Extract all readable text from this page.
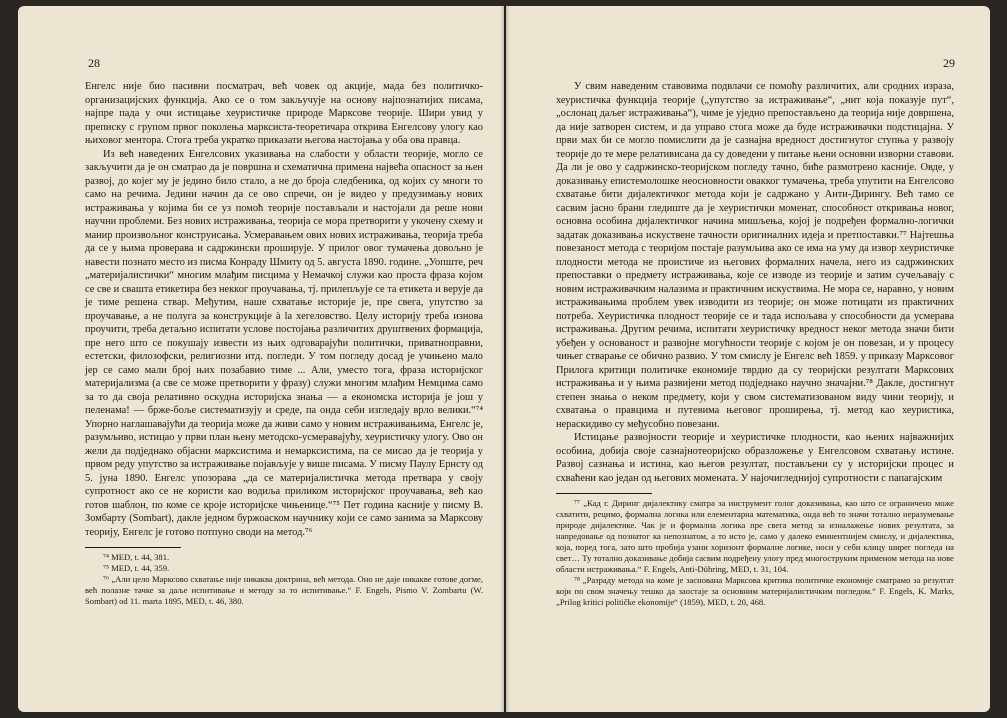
28

Енгелс није био пасивни посматрач, већ човек од акције, мада без политичко-организацијских функција. Ако се о том закључује на основу најпознатијих писама, најпре пада у очи истицање хеуристичке природе Марксове теорије. Шири увид у преписку с групом првог поколења марксиста-теоретичара открива Енгелсову улогу као њиховог ментора. Стога треба укратко приказати његова настојања у оба ова правца.

Из већ наведених Енгелсових указивања на слабости у области теорије, могло се закључити да је он сматрао да је површна и схематична примена највећа опасност за њен развој, до којег му је једино било стало, а не до броја следбеника, од којих су многи то само на речима. Једини начин да се ово спречи, он је видео у предузимању нових истраживања у којима би се уз помоћ теорије постављали и настојали да реше нови научни проблеми. Без нових истраживања, теорија се мора претворити у укочену схему и манир произвољног конструисања. Усмеравањем ових нових истраживања, теорија треба да се у њима проверава и садржински проширује. У прилог овог тумачења довољно је навести познато место из писма Конраду Шмиту од 5. августа 1890. године. „Уопште, реч „материјалистички“ многим млађим писцима у Немачкој служи као проста фраза којом се све и свашта етикетира без некког проучавања, тј. прилепљује се та етикета и верује да је тиме решена ствар. Међутим, наше схватање историје је, пре свега, упутство за проучавање, а не полуга за конструкције à la хегеловство. Целу историју треба изнова проучити, треба детаљно испитати услове постојања различитих друштвених формација, пре него што се покушају извести из њих одговарајући политички, приватноправни, естетски, филозофски, религиозни итд. погледи. У том погледу досад је учињено мало јер се само мали број њих позабавио тиме ... Али, уместо тога, фраза историјског материјализма (а све се може претворити у фразу) служи многим млађим Немцима само за то да своја релативно оскудна историјска знања — а економска историја је још у пеленама! — брже-боље систематизују и среде, па онда себи изгледају врло велики.“⁷⁴ Упорно наглашавајући да теорија може да живи само у новим истраживањима, Енгелс је, разумљиво, истицао у први план њену методско-усмеравајућу, хеуристичку улогу. Ово он жели да подједнако објасни марксистима и немарксистима, па се мисао да је теорија у првом реду упутство за истраживање појављује у више писама. У писму Паулу Ернсту од 5. јуна 1890. Енгелс упозорава „да се материјалистичка метода претвара у своју супротност ако се не користи као водиља приликом историјског проучавања, већ као готов шаблон, по коме се кроје историјске чињенице.“⁷⁵ Пет година касније у писму В. Зомбарту (Sombart), даклe једном буржоаском научнику који се само занима за Марксову теорију, Енгелс је готово потпуно своди на метод.⁷⁶

⁷⁴ MED, t. 44, 381.

⁷⁵ MED, t. 44, 359.

⁷⁶ „Али цело Марксово схватање није никаква доктрина, већ метода. Оно не даје никакве готове догме, већ полазне тачке за даље испитивање и методу за то испитивање.“ F. Engels, Pismo V. Zombartu (W. Sombart) od 11. marta 1895, MED, t. 46, 380.

29

У свим наведеним ставовима подвлачи се помоћу различитих, али сродних израза, хеуристичка функција теорије („упутство за истраживање“, „нит која показује пут“, „ослонац даљег истраживања“), чиме је уједно препостављено да теорија није довршена, да није затворен систем, и да управо стога може да буде истраживачки подстицајна. У први мах би се могло помислити да је сазнајна вредност достигнутог ступња у развоју теорије до те мере релативисана да су доведени у питање њени основни изворни ставови. Да ли је ово у садржинско-теоријском погледу тачно, биће размотрено касније. Овде, у доказивању епистемолошке неосновности овакког тумачења, треба упутити на Енгелсово схватање бити дијалектичког метода који је садржано у Анти-Дирингу. Већ тамо се сасвим јасно брани гледиште да је хеуристички моменат, способност откривања новог, основна особина дијалектичког начина мишљења, којој је подређен формално-логички задатак доказивања искуствене тачности оригиналних идеја и претпоставки.⁷⁷ Најтешња повезаност метода с теоријом постаје разумљива ако се има на уму да извор хеуристичке плодности метода не проистиче из његових формалних начела, него из садржинских препоставки о предмету истраживања, које се изводе из теорије и затим сучељавају с новим истраживачким налазима и практичним искуствима. Не мора се, наравно, у новим истраживањима проблем увек изводити из теорије; он може потицати из практичних потреба. Хеуристичка плодност теорије се и тада испољава у способности да усмерава истраживања. Другим речима, испитати хеуристичку вредност неког метода значи бити убеђен у основаност и развојне могућности теорије с којом је он повезан, и у процесу чињег стварање се обично развио. У том смислу је Енгелс већ 1859. у приказу Марксовог Прилога критици политичке економије тврдио да су теоријски резултати Марксових истраживања и у њима развијени метод подједнако научно значајни.⁷⁸ Даклe, достигнут степен знања о неком предмету, који у свом систематизованом виду чини теорију, и схватања о правцима и путевима његовог проширења, тј. метод као хеуристика, нераскидиво су међусобно повезани.

Истицање развојности теорије и хеуристичке плодности, као њених најважнијих особина, добија своје сазнајнотеоријско образложење у Енгелсовом схватању истине. Развој сазнања и истина, као његов резултат, постављени су у историјски процес и схваћени као један од његових момената. У најочигледнијој супротности с папагајским

⁷⁷ „Кад г. Диринг дијалектику сматра за инструмент голог доказивања, као што се ограничено може схватити, рецимо, формална логика или елементарна математика, онда већ то значи тотално неразумевање природе дијалектике. Чак је и формална логика пре свега метод за изналажење нових резултата, за напредовање од познатог ка непознатом, а то исто је, само у далеко еминентнијем смислу, и дијалектика, која, поред тога, зато што пробија узани хоризонт формалне логике, носи у себи клицу ширег погледа на свет… Ту тотално доказивање добија сасвим подређену улогу пред многоструким применом метода на нове области истраживања.“ F. Engels, Anti-Dühring, MED, t. 31, 104.

⁷⁸ „Разраду метода на коме је заснована Марксова критика политичке економије сматрамо за резултат који по свом значењу тешко да заостаје за основним материјалистичким погледом.“ F. Engels, K. Marks, „Prilog kritici političke ekonomije“ (1859), MED, t. 20, 468.
